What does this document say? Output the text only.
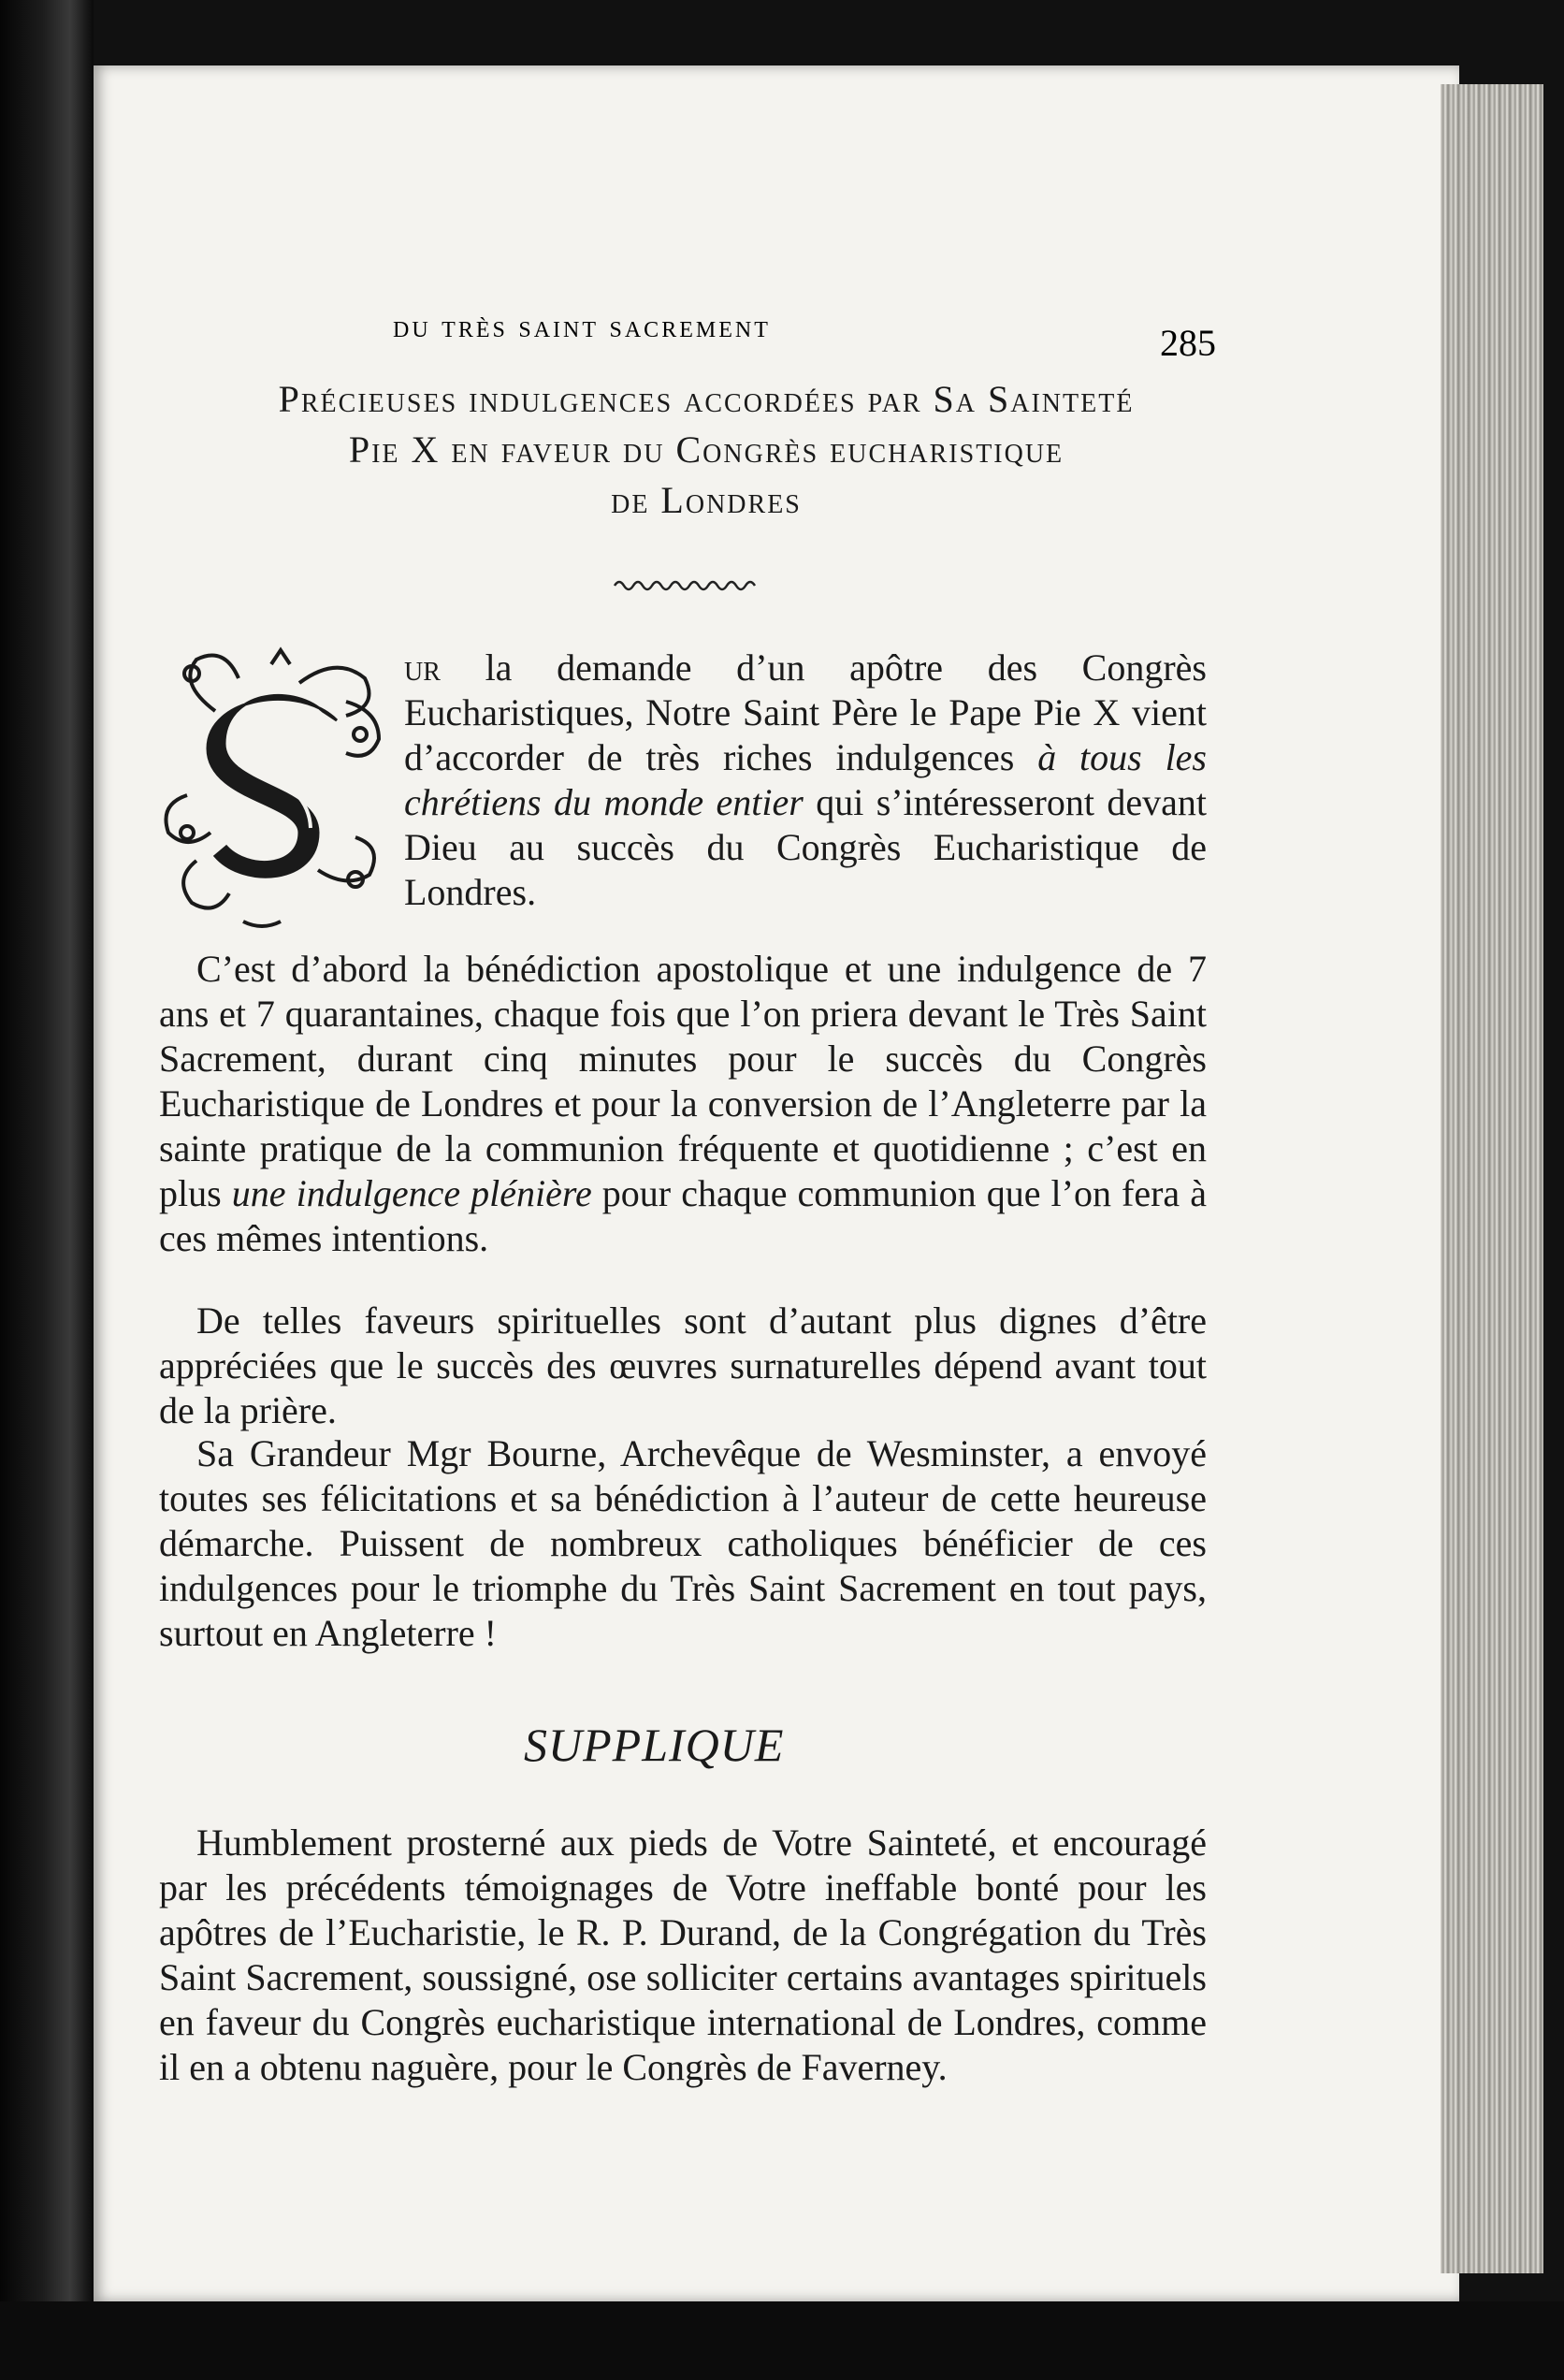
du très saint sacrement	285
Précieuses indulgences accordées par Sa Sainteté
Pie X en faveur du Congrès eucharistique
de Londres
S
ur la demande d’un apôtre des Congrès Eucharistiques, Notre Saint Père le Pape Pie X vient d’accorder de très riches indulgences à tous les chrétiens du monde entier qui s’intéresseront devant Dieu au succès du Congrès Eucharistique de Londres.
C’est d’abord la bénédiction apostolique et une indulgence de 7 ans et 7 quarantaines, chaque fois que l’on priera devant le Très Saint Sacrement, durant cinq minutes pour le succès du Congrès Eucharistique de Londres et pour la conversion de l’Angleterre par la sainte pratique de la communion fréquente et quotidienne ; c’est en plus une indulgence plénière pour chaque communion que l’on fera à ces mêmes intentions.
De telles faveurs spirituelles sont d’autant plus dignes d’être appréciées que le succès des œuvres surnaturelles dépend avant tout de la prière.
Sa Grandeur Mgr Bourne, Archevêque de Wesminster, a envoyé toutes ses félicitations et sa bénédiction à l’auteur de cette heureuse démarche. Puissent de nombreux catholiques bénéficier de ces indulgences pour le triomphe du Très Saint Sacrement en tout pays, surtout en Angleterre !
SUPPLIQUE
Humblement prosterné aux pieds de Votre Sainteté, et encouragé par les précédents témoignages de Votre ineffable bonté pour les apôtres de l’Eucharistie, le R. P. Durand, de la Congrégation du Très Saint Sacrement, soussigné, ose solliciter certains avantages spirituels en faveur du Congrès eucharistique international de Londres, comme il en a obtenu naguère, pour le Congrès de Faverney.
